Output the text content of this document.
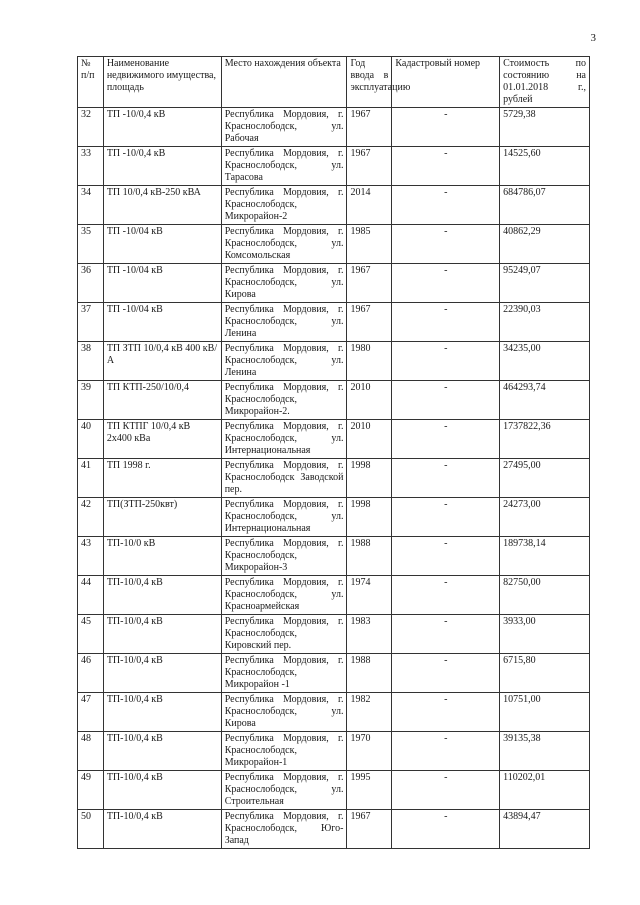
3
№ п/п	Наименование недвижимого имущества, площадь	Место нахождения объекта	Год ввода в эксплуатацию	Кадастровый номер	Стоимость по состоянию на 01.01.2018 г., рублей
32	ТП -10/0,4 кВ	Республика Мордовия, г. Краснослободск, ул. Рабочая	1967	-	5729,38
33	ТП -10/0,4 кВ	Республика Мордовия, г. Краснослободск, ул. Тарасова	1967	-	14525,60
34	ТП 10/0,4 кВ-250 кВА	Республика Мордовия, г. Краснослободск, Микрорайон-2	2014	-	684786,07
35	ТП -10/04 кВ	Республика Мордовия, г. Краснослободск, ул. Комсомольская	1985	-	40862,29
36	ТП -10/04 кВ	Республика Мордовия, г. Краснослободск, ул. Кирова	1967	-	95249,07
37	ТП -10/04 кВ	Республика Мордовия, г. Краснослободск, ул. Ленина	1967	-	22390,03
38	ТП ЗТП 10/0,4 кВ 400 кВ/А	Республика Мордовия, г. Краснослободск, ул. Ленина	1980	-	34235,00
39	ТП КТП-250/10/0,4	Республика Мордовия, г. Краснослободск, Микрорайон-2.	2010	-	464293,74
40	ТП КТПГ 10/0,4 кВ 2х400 кВа	Республика Мордовия, г. Краснослободск, ул. Интернациональная	2010	-	1737822,36
41	ТП 1998 г.	Республика Мордовия, г. Краснослободск Заводской пер.	1998	-	27495,00
42	ТП(ЗТП-250квт)	Республика Мордовия, г. Краснослободск, ул. Интернациональная	1998	-	24273,00
43	ТП-10/0 кВ	Республика Мордовия, г. Краснослободск, Микрорайон-3	1988	-	189738,14
44	ТП-10/0,4 кВ	Республика Мордовия, г. Краснослободск, ул. Красноармейская	1974	-	82750,00
45	ТП-10/0,4 кВ	Республика Мордовия, г. Краснослободск, Кировский пер.	1983	-	3933,00
46	ТП-10/0,4 кВ	Республика Мордовия, г. Краснослободск, Микрорайон -1	1988	-	6715,80
47	ТП-10/0,4 кВ	Республика Мордовия, г. Краснослободск, ул. Кирова	1982	-	10751,00
48	ТП-10/0,4 кВ	Республика Мордовия, г. Краснослободск, Микрорайон-1	1970	-	39135,38
49	ТП-10/0,4 кВ	Республика Мордовия, г. Краснослободск, ул. Строительная	1995	-	110202,01
50	ТП-10/0,4 кВ	Республика Мордовия, г. Краснослободск, Юго-Запад	1967	-	43894,47
